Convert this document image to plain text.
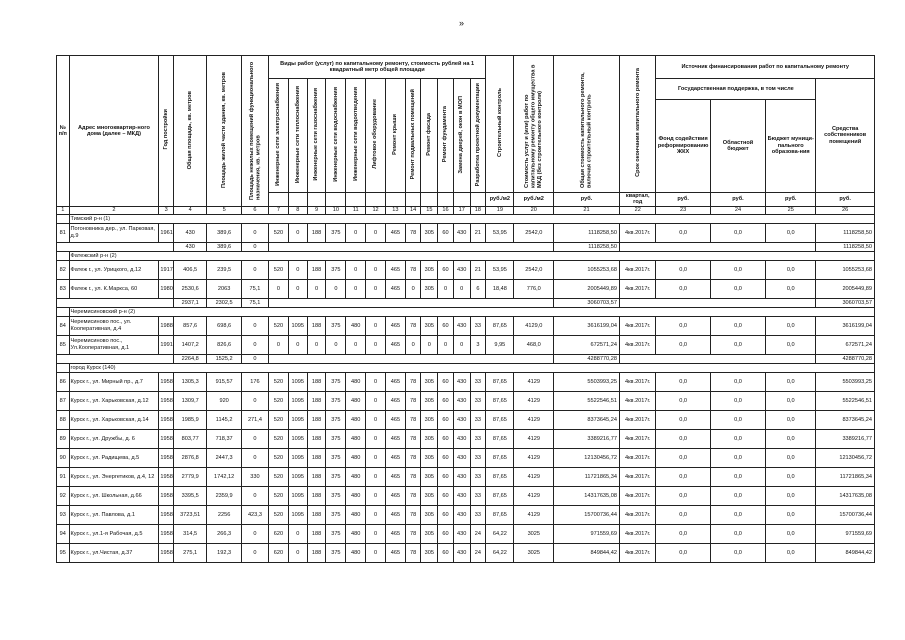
»
№ п/п	Адрес многоквартир-ного дома (далее – МКД)	Год постройки	Общая площадь, кв. метров	Площадь жилой части здания, кв. метров	Площадь нежилых помещений функционального назначения, кв. метров	Виды работ (услуг) по капитальному ремонту, стоимость рублей на 1 квадратный метр общей площади												Строительный контроль	Стоимость услуг и (или) работ по капитальному ремонту общего имущества в МКД (без строительного контроля)	Общая стоимость капитального ремонта, включая строительный контроль	Срок окончания капитального ремонта	Источник финансирования работ по капитальному ремонту			
						Инженерные сети электроснабжения	Инженерные сети теплоснабжения	Инженерные сети газоснабжения	Инженерные сети водоснабжения	Инженерные сети водоотведения	Лифтовое оборудование	Ремонт крыши	Ремонт подвальных помещений	Ремонт фасада	Ремонт фундамента	Замена дверей, окон в МОП	Разработка проектной документации					Государственная поддержка, в том числе			Средства собственников помещений
																						Фонд содействия реформированию ЖКХ	Областной бюджет	Бюджет муници-пального образова-ния	
																		руб./м2	руб./м2	руб.	квартал, год	руб.	руб.	руб.	руб.
1	2	3	4	5	6	7	8	9	10	11	12	13	14	15	16	17	18	19	20	21	22	23	24	25	26
	Тимский р-н (1)																								
81	Погоновника дер., ул. Парковая, д.9	1961	430	389,6	0	520	0	188	375	0	0	465	78	305	60	430	21	53,95	2542,0	1118258,50	4кв.2017г.	0,0	0,0	0,0	1118258,50
			430	389,6	0															1118258,50					1118258,50
	Фатежский р-н (2)																								
82	Фатеж г., ул. Урицкого, д.12	1917	406,5	239,5	0	520	0	188	375	0	0	465	78	305	60	430	21	53,95	2542,0	1055253,68	4кв.2017г.	0,0	0,0	0,0	1055253,68
83	Фатеж г., ул. К.Маркса, 60	1980	2530,6	2063	75,1	0	0	0	0	0	0	465	0	305	0	0	6	18,48	776,0	2005449,89	4кв.2017г.	0,0	0,0	0,0	2005449,89
			2937,1	2302,5	75,1															3060703,57					3060703,57
	Черемисиновский р-н (2)																								
84	Черемисиново пос., ул. Кооперативная, д.4	1988	857,6	698,6	0	520	1095	188	375	480	0	465	78	305	60	430	33	87,65	4129,0	3616199,04	4кв.2017г.	0,0	0,0	0,0	3616199,04
85	Черемисиново пос., Ул.Кооперативная, д.1	1991	1407,2	826,6	0	0	0	0	0	0	0	465	0	0	0	0	3	9,95	468,0	672571,24	4кв.2017г.	0,0	0,0	0,0	672571,24
			2264,8	1525,2	0															4288770,28					4288770,28
	город Курск (140)																								
86	Курск г., ул. Мирный пр., д.7	1958	1305,3	915,57	176	520	1095	188	375	480	0	465	78	305	60	430	33	87,65	4129	5503993,25	4кв.2017г.	0,0	0,0	0,0	5503993,25
87	Курск г., ул. Харьковская, д.12	1958	1309,7	920	0	520	1095	188	375	480	0	465	78	305	60	430	33	87,65	4129	5522546,51	4кв.2017г.	0,0	0,0	0,0	5522546,51
88	Курск г., ул. Харьковская, д.14	1958	1985,9	1145,2	271,4	520	1095	188	375	480	0	465	78	305	60	430	33	87,65	4129	8373645,24	4кв.2017г.	0,0	0,0	0,0	8373645,24
89	Курск г., ул. Дружбы, д. 6	1958	803,77	718,37	0	520	1095	188	375	480	0	465	78	305	60	430	33	87,65	4129	3389216,77	4кв.2017г.	0,0	0,0	0,0	3389216,77
90	Курск г., ул. Радищева, д.5	1958	2876,8	2447,3	0	520	1095	188	375	480	0	465	78	305	60	430	33	87,65	4129	12130456,72	4кв.2017г.	0,0	0,0	0,0	12130456,72
91	Курск г., ул. Энергетиков, д.4, 12	1958	2779,9	1742,12	330	520	1095	188	375	480	0	465	78	305	60	430	33	87,65	4129	11721865,34	4кв.2017г.	0,0	0,0	0,0	11721865,34
92	Курск г., ул. Школьная, д.66	1958	3395,5	2359,9	0	520	1095	188	375	480	0	465	78	305	60	430	33	87,65	4129	14317635,08	4кв.2017г.	0,0	0,0	0,0	14317635,08
93	Курск г., ул. Павлова, д.1	1958	3723,51	2256	423,3	520	1095	188	375	480	0	465	78	305	60	430	33	87,65	4129	15700736,44	4кв.2017г.	0,0	0,0	0,0	15700736,44
94	Курск г., ул.1-я Рабочая, д.5	1958	314,5	266,3	0	620	0	188	375	480	0	465	78	305	60	430	24	64,22	3025	971559,69	4кв.2017г.	0,0	0,0	0,0	971559,69
95	Курск г., ул.Чистая, д.37	1958	275,1	192,3	0	620	0	188	375	480	0	465	78	305	60	430	24	64,22	3025	849844,42	4кв.2017г.	0,0	0,0	0,0	849844,42
